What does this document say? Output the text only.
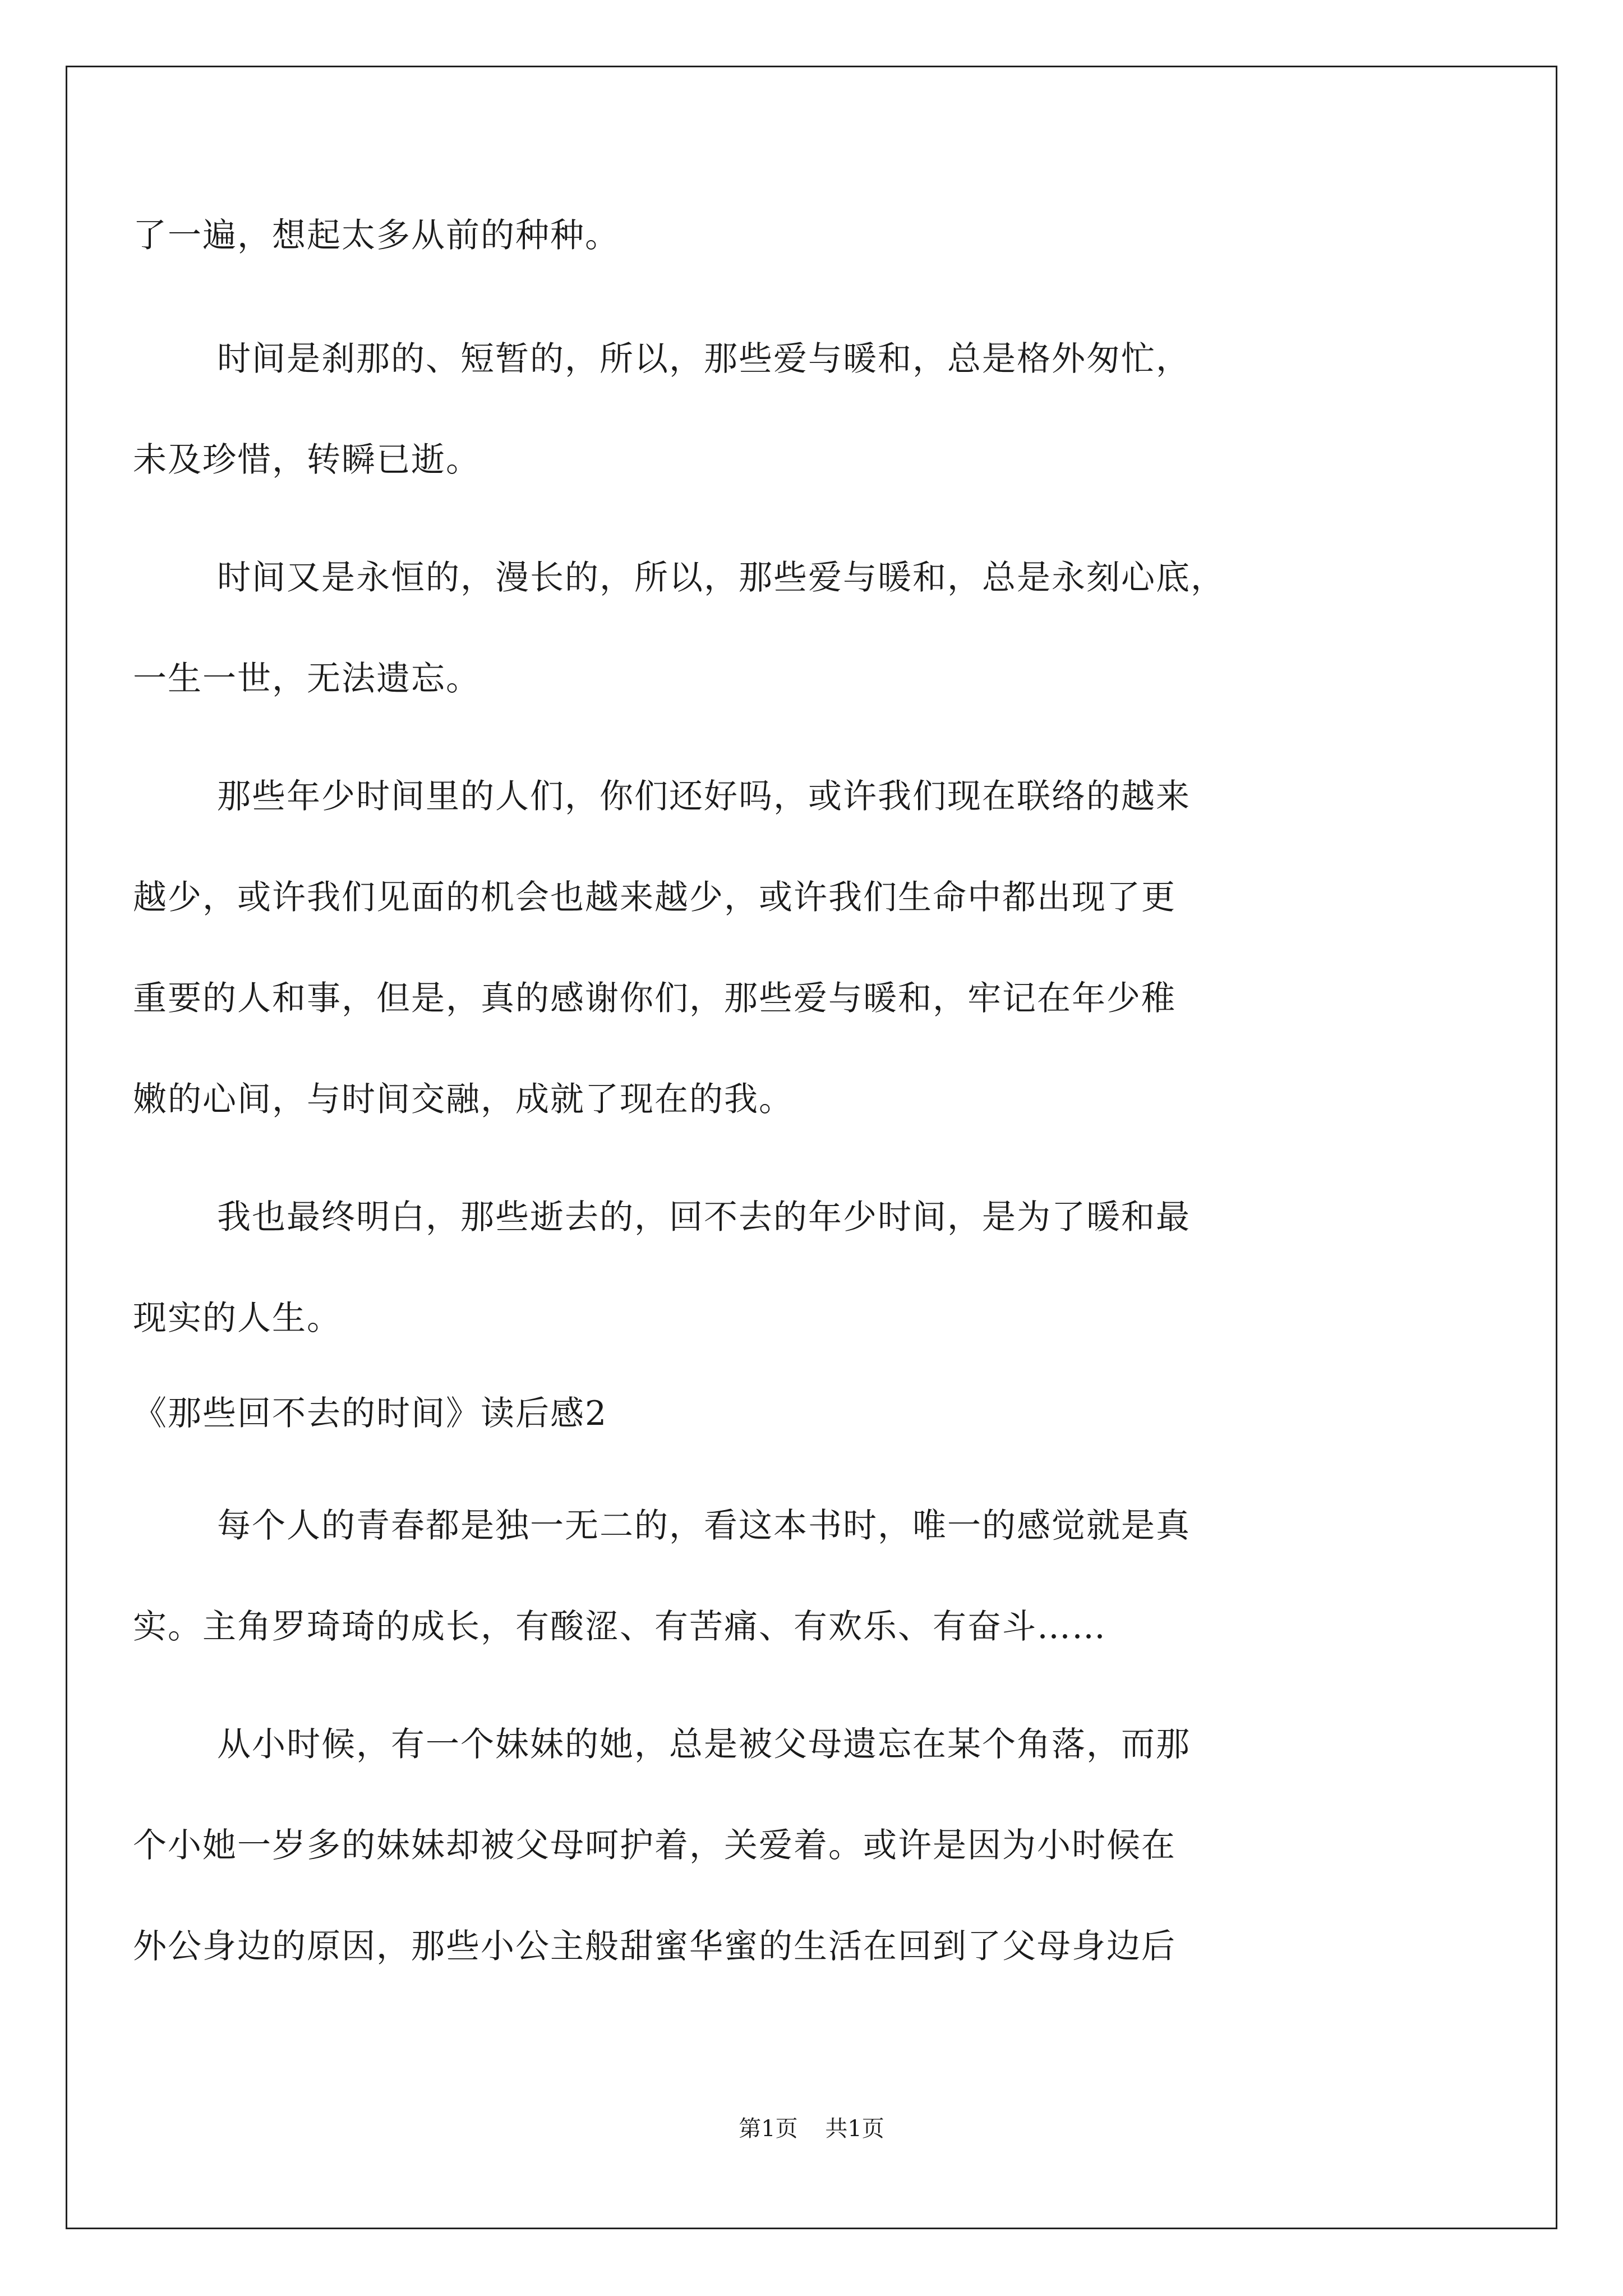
了一遍，想起太多从前的种种。
时间是刹那的、短暂的，所以，那些爱与暖和，总是格外匆忙，
未及珍惜，转瞬已逝。
时间又是永恒的，漫长的，所以，那些爱与暖和，总是永刻心底，
一生一世，无法遗忘。
那些年少时间里的人们，你们还好吗，或许我们现在联络的越来
越少，或许我们见面的机会也越来越少，或许我们生命中都出现了更
重要的人和事，但是，真的感谢你们，那些爱与暖和，牢记在年少稚
嫩的心间，与时间交融，成就了现在的我。
我也最终明白，那些逝去的，回不去的年少时间，是为了暖和最
现实的人生。
《那些回不去的时间》读后感2
每个人的青春都是独一无二的，看这本书时，唯一的感觉就是真
实。主角罗琦琦的成长，有酸涩、有苦痛、有欢乐、有奋斗……
从小时候，有一个妹妹的她，总是被父母遗忘在某个角落，而那
个小她一岁多的妹妹却被父母呵护着，关爱着。或许是因为小时候在
外公身边的原因，那些小公主般甜蜜华蜜的生活在回到了父母身边后
第1页 共1页
